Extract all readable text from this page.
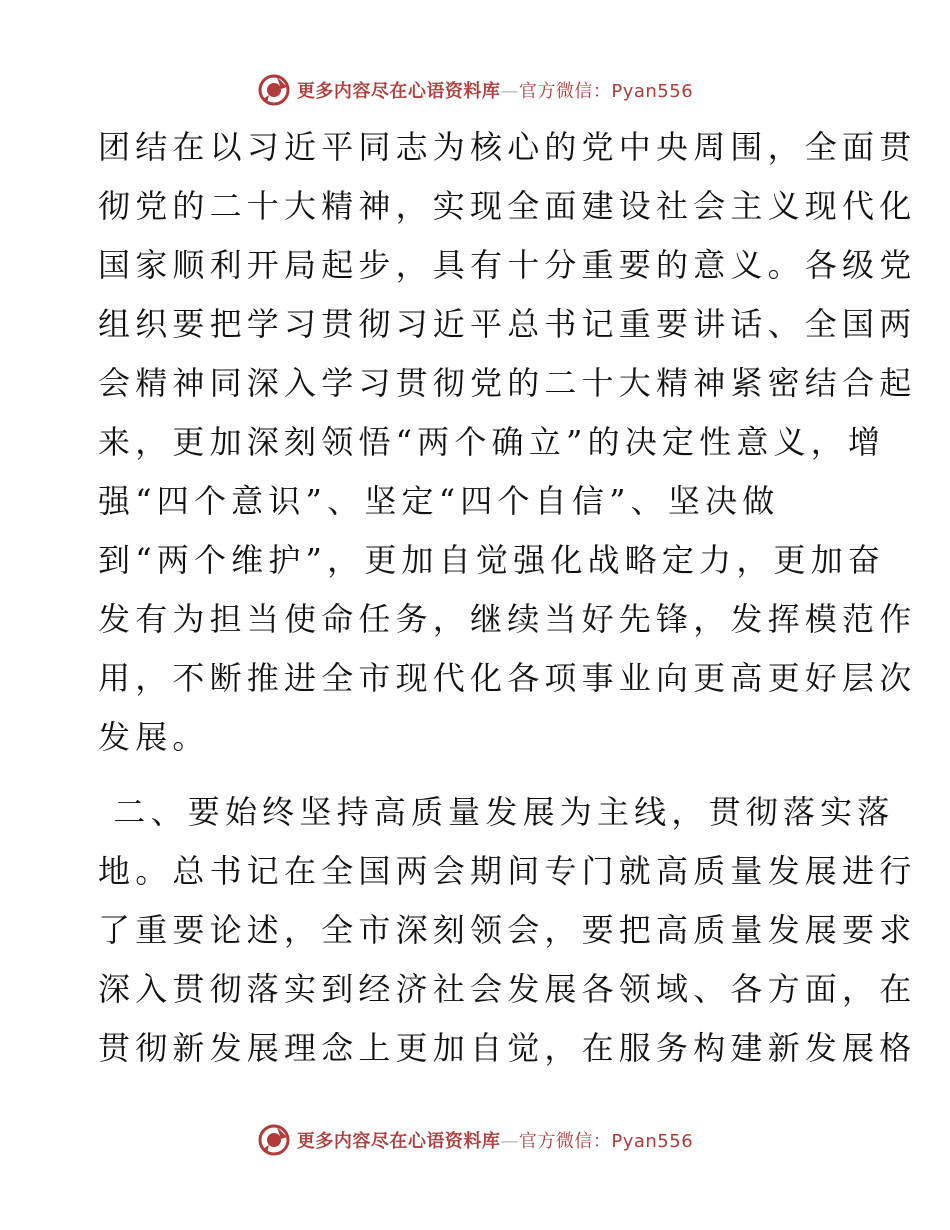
更多内容尽在心语资料库—官方微信：Pyan556
团结在以习近平同志为核心的党中央周围，全面贯
彻党的二十大精神，实现全面建设社会主义现代化
国家顺利开局起步，具有十分重要的意义。各级党
组织要把学习贯彻习近平总书记重要讲话、全国两
会精神同深入学习贯彻党的二十大精神紧密结合起
来，更加深刻领悟“两个确立”的决定性意义，增
强“四个意识”、坚定“四个自信”、坚决做
到“两个维护”，更加自觉强化战略定力，更加奋
发有为担当使命任务，继续当好先锋，发挥模范作
用，不断推进全市现代化各项事业向更高更好层次
发展。
二、要始终坚持高质量发展为主线，贯彻落实落
地。总书记在全国两会期间专门就高质量发展进行
了重要论述，全市深刻领会，要把高质量发展要求
深入贯彻落实到经济社会发展各领域、各方面，在
贯彻新发展理念上更加自觉，在服务构建新发展格
更多内容尽在心语资料库—官方微信：Pyan556
